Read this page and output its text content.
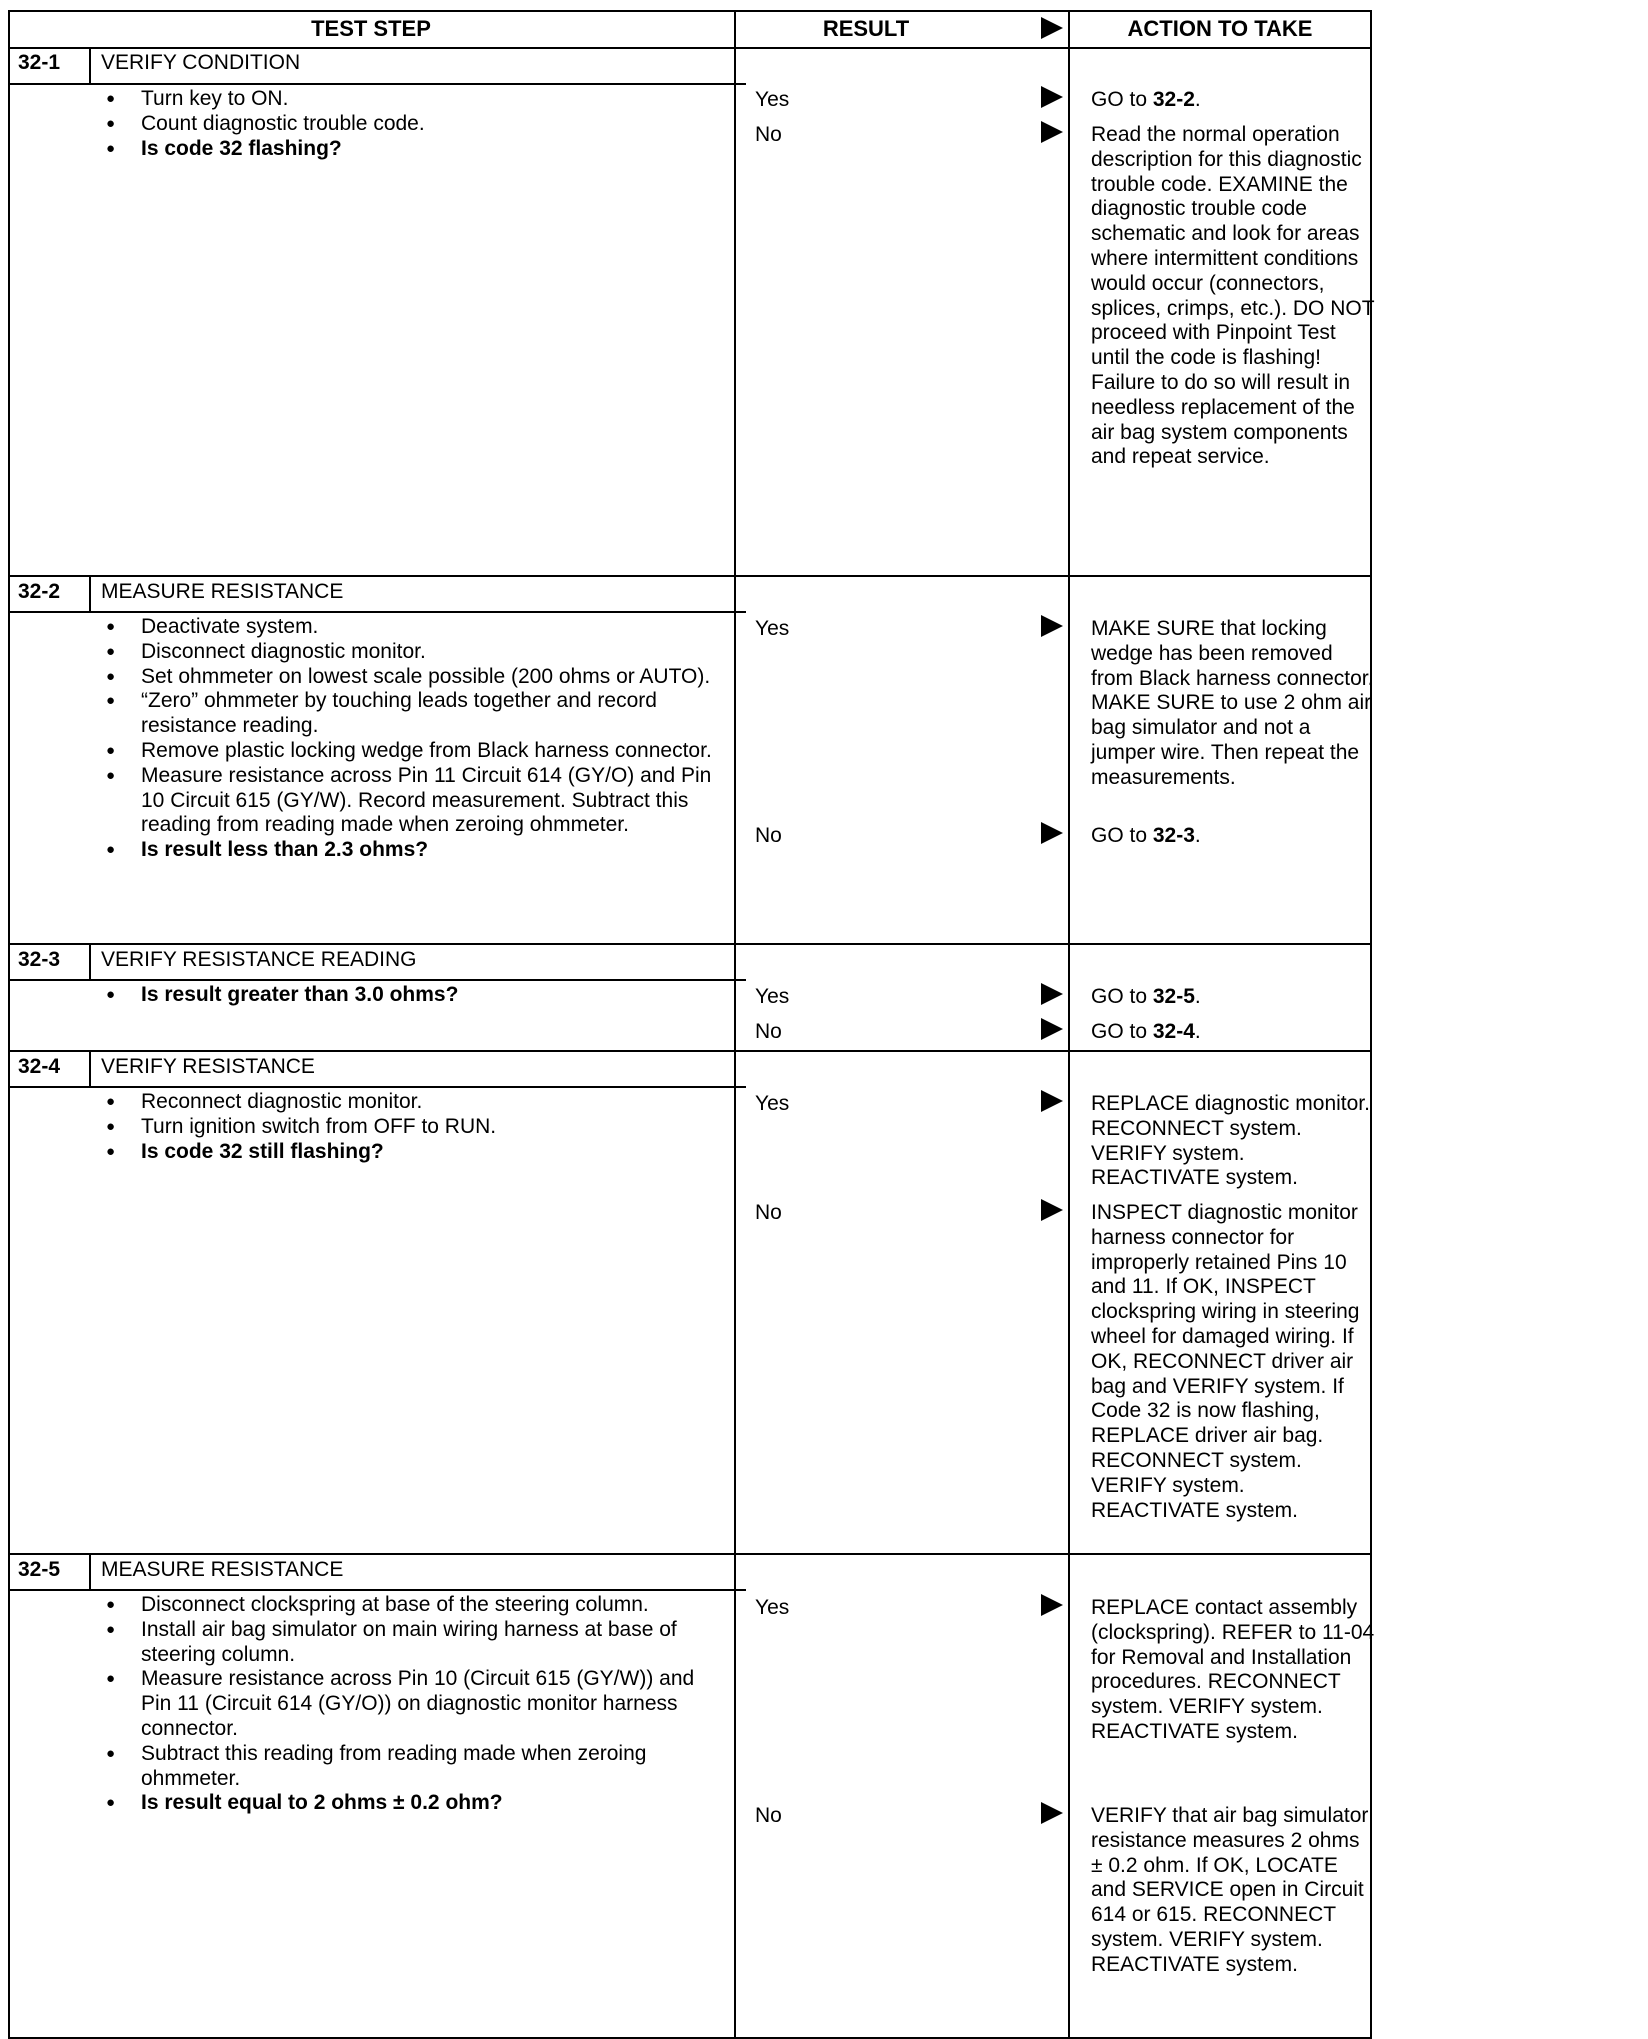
TEST STEP	RESULT	ACTION TO TAKE
32-1 VERIFY CONDITION
● Turn key to ON.
● Count diagnostic trouble code.
● Is code 32 flashing?
Yes	GO to 32-2.
No	Read the normal operation description for this diagnostic trouble code. EXAMINE the diagnostic trouble code schematic and look for areas where intermittent conditions would occur (connectors, splices, crimps, etc.). DO NOT proceed with Pinpoint Test until the code is flashing! Failure to do so will result in needless replacement of the air bag system components and repeat service.
32-2 MEASURE RESISTANCE
● Deactivate system.
● Disconnect diagnostic monitor.
● Set ohmmeter on lowest scale possible (200 ohms or AUTO).
● “Zero” ohmmeter by touching leads together and record resistance reading.
● Remove plastic locking wedge from Black harness connector.
● Measure resistance across Pin 11 Circuit 614 (GY/O) and Pin 10 Circuit 615 (GY/W). Record measurement. Subtract this reading from reading made when zeroing ohmmeter.
● Is result less than 2.3 ohms?
Yes	MAKE SURE that locking wedge has been removed from Black harness connector. MAKE SURE to use 2 ohm air bag simulator and not a jumper wire. Then repeat the measurements.
No	GO to 32-3.
32-3 VERIFY RESISTANCE READING
● Is result greater than 3.0 ohms?	Yes	GO to 32-5.
No	GO to 32-4.
32-4 VERIFY RESISTANCE
● Reconnect diagnostic monitor.
● Turn ignition switch from OFF to RUN.
● Is code 32 still flashing?
Yes	REPLACE diagnostic monitor. RECONNECT system. VERIFY system. REACTIVATE system.
No	INSPECT diagnostic monitor harness connector for improperly retained Pins 10 and 11. If OK, INSPECT clockspring wiring in steering wheel for damaged wiring. If OK, RECONNECT driver air bag and VERIFY system. If Code 32 is now flashing, REPLACE driver air bag. RECONNECT system. VERIFY system. REACTIVATE system.
32-5 MEASURE RESISTANCE
● Disconnect clockspring at base of the steering column.
● Install air bag simulator on main wiring harness at base of steering column.
● Measure resistance across Pin 10 (Circuit 615 (GY/W)) and Pin 11 (Circuit 614 (GY/O)) on diagnostic monitor harness connector.
● Subtract this reading from reading made when zeroing ohmmeter.
● Is result equal to 2 ohms ± 0.2 ohm?
Yes	REPLACE contact assembly (clockspring). REFER to 11-04 for Removal and Installation procedures. RECONNECT system. VERIFY system. REACTIVATE system.
No	VERIFY that air bag simulator resistance measures 2 ohms ± 0.2 ohm. If OK, LOCATE and SERVICE open in Circuit 614 or 615. RECONNECT system. VERIFY system. REACTIVATE system.
